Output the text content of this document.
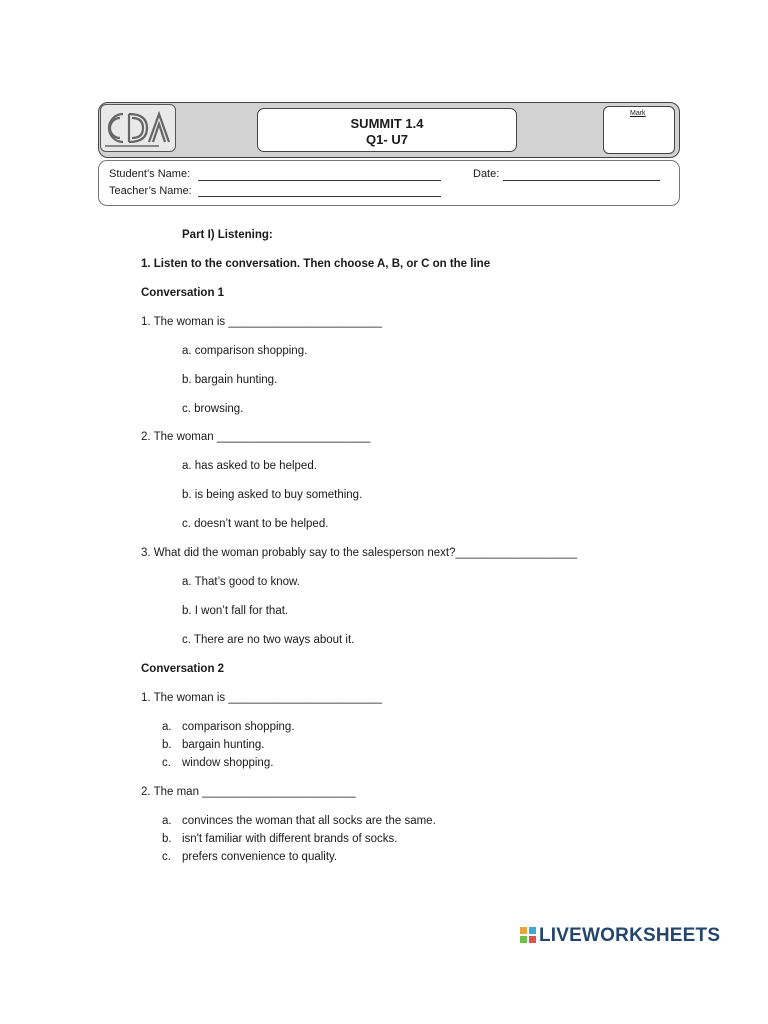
SUMMIT 1.4
Q1- U7
Mark
Student’s Name:
Teacher’s Name:
Date:
Part I) Listening:
1. Listen to the conversation. Then choose A, B, or C on the line
Conversation 1
1. The woman is ________________________
a. comparison shopping.
b. bargain hunting.
c. browsing.
2. The woman ________________________
a. has asked to be helped.
b. is being asked to buy something.
c. doesn’t want to be helped.
3. What did the woman probably say to the salesperson next?___________________
a. That’s good to know.
b. I won’t fall for that.
c. There are no two ways about it.
Conversation 2
1. The woman is ________________________
a. comparison shopping.
b. bargain hunting.
c. window shopping.
2. The man ________________________
a. convinces the woman that all socks are the same.
b. isn't familiar with different brands of socks.
c. prefers convenience to quality.
LIVEWORKSHEETS
